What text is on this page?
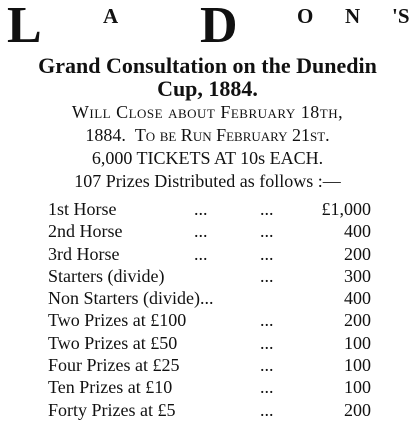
L	A D	O N 'S
Grand Consultation on the Dunedin
Cup, 1884.
Will Close about February 18th,
1884. To be Run February 21st.
6,000 TICKETS AT 10s EACH.
107 Prizes Distributed as follows :—
1st Horse	...	...	£1,000
2nd Horse	...	...	400
3rd Horse	...	...	200
Starters (divide)	...	300
Non Starters (divide)...	400
Two Prizes at £100	...	200
Two Prizes at £50	...	100
Four Prizes at £25	...	100
Ten Prizes at £10	...	100
Forty Prizes at £5	...	200
